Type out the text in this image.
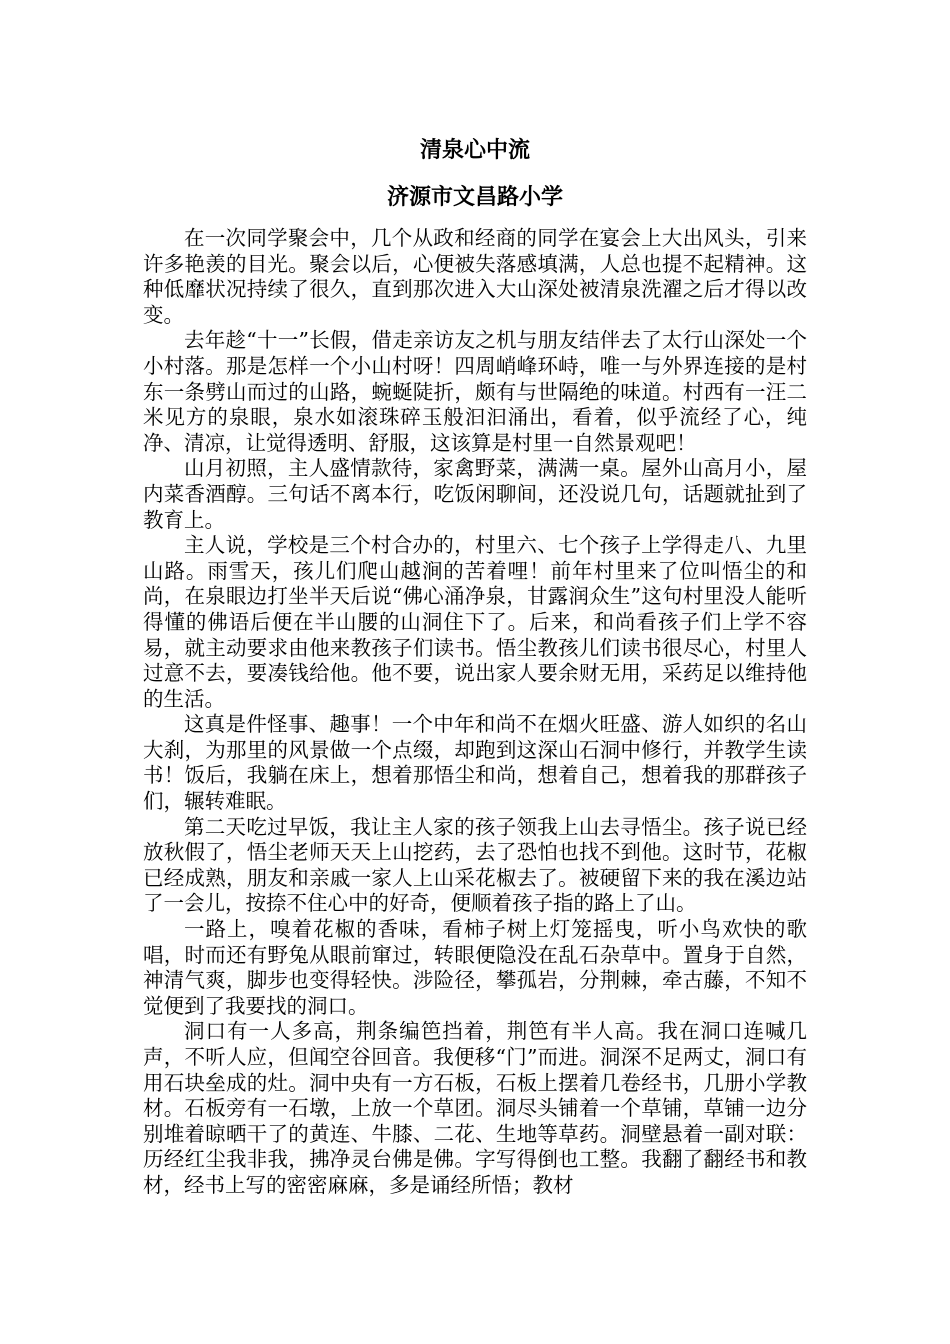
清泉心中流
济源市文昌路小学

在一次同学聚会中，几个从政和经商的同学在宴会上大出风头，引来许多艳羡的目光。聚会以后，心便被失落感填满，人总也提不起精神。这种低靡状况持续了很久，直到那次进入大山深处被清泉洗濯之后才得以改变。

去年趁“十一”长假，借走亲访友之机与朋友结伴去了太行山深处一个小村落。那是怎样一个小山村呀！四周峭峰环峙，唯一与外界连接的是村东一条劈山而过的山路，蜿蜒陡折，颇有与世隔绝的味道。村西有一汪二米见方的泉眼，泉水如滚珠碎玉般汩汩涌出，看着，似乎流经了心，纯净、清凉，让觉得透明、舒服，这该算是村里一自然景观吧！

山月初照，主人盛情款待，家禽野菜，满满一桌。屋外山高月小，屋内菜香酒醇。三句话不离本行，吃饭闲聊间，还没说几句，话题就扯到了教育上。

主人说，学校是三个村合办的，村里六、七个孩子上学得走八、九里山路。雨雪天，孩儿们爬山越涧的苦着哩！前年村里来了位叫悟尘的和尚，在泉眼边打坐半天后说“佛心涌净泉，甘露润众生”这句村里没人能听得懂的佛语后便在半山腰的山洞住下了。后来，和尚看孩子们上学不容易，就主动要求由他来教孩子们读书。悟尘教孩儿们读书很尽心，村里人过意不去，要凑钱给他。他不要，说出家人要余财无用，采药足以维持他的生活。

这真是件怪事、趣事！一个中年和尚不在烟火旺盛、游人如织的名山大刹，为那里的风景做一个点缀，却跑到这深山石洞中修行，并教学生读书！饭后，我躺在床上，想着那悟尘和尚，想着自己，想着我的那群孩子们，辗转难眠。

第二天吃过早饭，我让主人家的孩子领我上山去寻悟尘。孩子说已经放秋假了，悟尘老师天天上山挖药，去了恐怕也找不到他。这时节，花椒已经成熟，朋友和亲戚一家人上山采花椒去了。被硬留下来的我在溪边站了一会儿，按捺不住心中的好奇，便顺着孩子指的路上了山。

一路上，嗅着花椒的香味，看柿子树上灯笼摇曳，听小鸟欢快的歌唱，时而还有野兔从眼前窜过，转眼便隐没在乱石杂草中。置身于自然，神清气爽，脚步也变得轻快。涉险径，攀孤岩，分荆棘，牵古藤，不知不觉便到了我要找的洞口。

洞口有一人多高，荆条编笆挡着，荆笆有半人高。我在洞口连喊几声，不听人应，但闻空谷回音。我便移“门”而进。洞深不足两丈，洞口有用石块垒成的灶。洞中央有一方石板，石板上摆着几卷经书，几册小学教材。石板旁有一石墩，上放一个草团。洞尽头铺着一个草铺，草铺一边分别堆着晾晒干了的黄连、牛膝、二花、生地等草药。洞壁悬着一副对联：历经红尘我非我，拂净灵台佛是佛。字写得倒也工整。我翻了翻经书和教材，经书上写的密密麻麻，多是诵经所悟；教材
